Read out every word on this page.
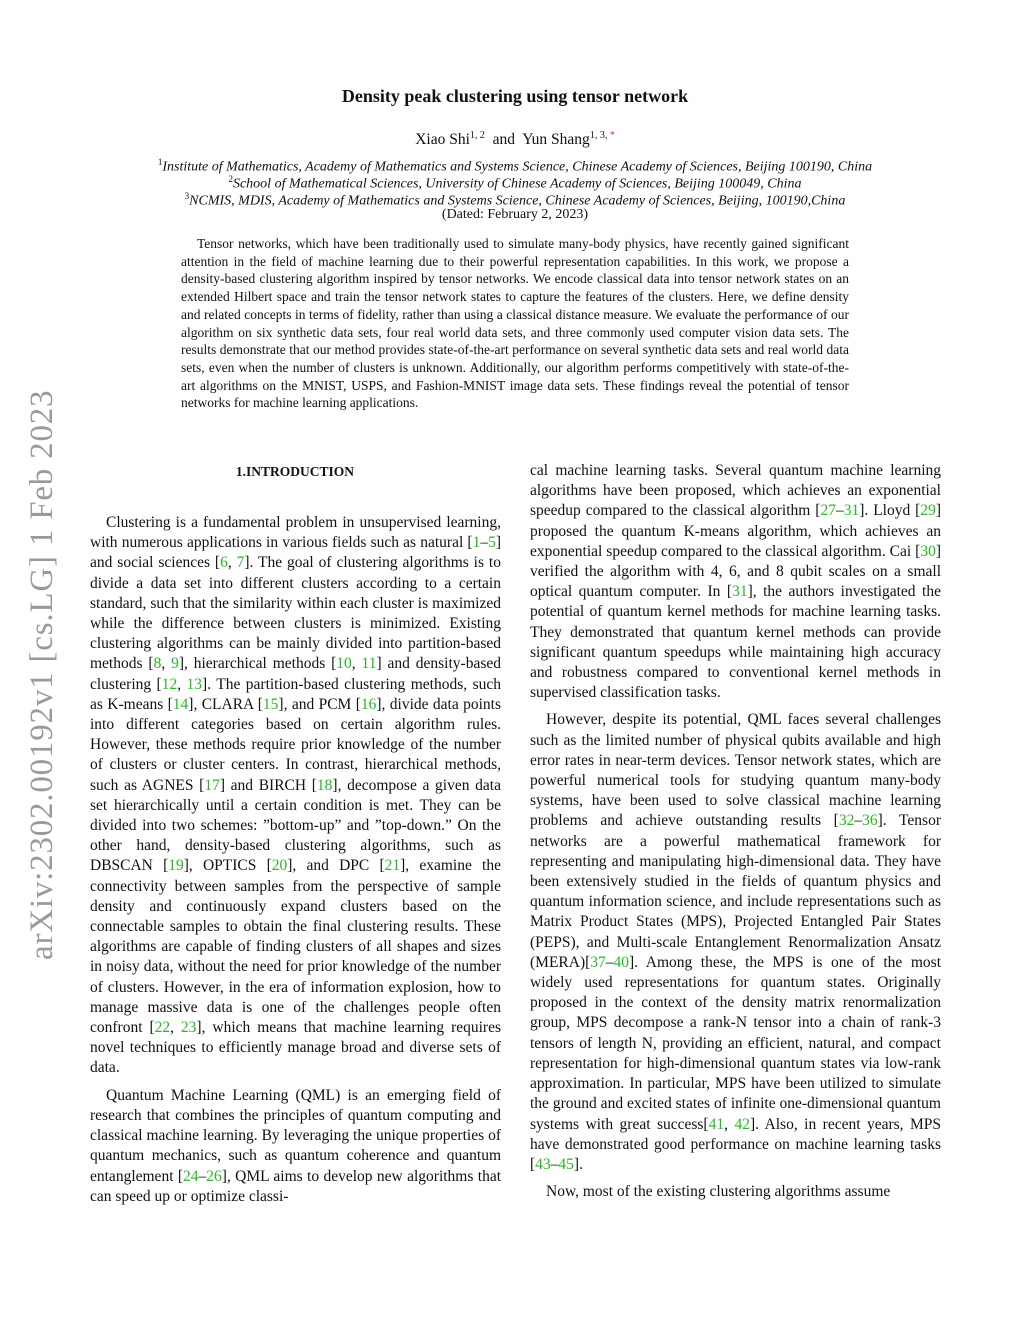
arXiv:2302.00192v1 [cs.LG] 1 Feb 2023
Density peak clustering using tensor network
Xiao Shi$^{1, 2}$ and Yun Shang$^{1, 3, *}$
$^1$Institute of Mathematics, Academy of Mathematics and Systems Science, Chinese Academy of Sciences, Beijing 100190, China
$^2$School of Mathematical Sciences, University of Chinese Academy of Sciences, Beijing 100049, China
$^3$NCMIS, MDIS, Academy of Mathematics and Systems Science, Chinese Academy of Sciences, Beijing, 100190,China
(Dated: February 2, 2023)
Tensor networks, which have been traditionally used to simulate many-body physics, have recently gained significant attention in the field of machine learning due to their powerful representation capabilities. In this work, we propose a density-based clustering algorithm inspired by tensor networks. We encode classical data into tensor network states on an extended Hilbert space and train the tensor network states to capture the features of the clusters. Here, we define density and related concepts in terms of fidelity, rather than using a classical distance measure. We evaluate the performance of our algorithm on six synthetic data sets, four real world data sets, and three commonly used computer vision data sets. The results demonstrate that our method provides state-of-the-art performance on several synthetic data sets and real world data sets, even when the number of clusters is unknown. Additionally, our algorithm performs competitively with state-of-the-art algorithms on the MNIST, USPS, and Fashion-MNIST image data sets. These findings reveal the potential of tensor networks for machine learning applications.
1.INTRODUCTION

Clustering is a fundamental problem in unsupervised learning, with numerous applications in various fields such as natural [1–5] and social sciences [6, 7]. The goal of clustering algorithms is to divide a data set into different clusters according to a certain standard, such that the similarity within each cluster is maximized while the difference between clusters is minimized. Existing clustering algorithms can be mainly divided into partition-based methods [8, 9], hierarchical methods [10, 11] and density-based clustering [12, 13]. The partition-based clustering methods, such as K-means [14], CLARA [15], and PCM [16], divide data points into different categories based on certain algorithm rules. However, these methods require prior knowledge of the number of clusters or cluster centers. In contrast, hierarchical methods, such as AGNES [17] and BIRCH [18], decompose a given data set hierarchically until a certain condition is met. They can be divided into two schemes: ”bottom-up” and ”top-down.” On the other hand, density-based clustering algorithms, such as DBSCAN [19], OPTICS [20], and DPC [21], examine the connectivity between samples from the perspective of sample density and continuously expand clusters based on the connectable samples to obtain the final clustering results. These algorithms are capable of finding clusters of all shapes and sizes in noisy data, without the need for prior knowledge of the number of clusters. However, in the era of information explosion, how to manage massive data is one of the challenges people often confront [22, 23], which means that machine learning requires novel techniques to efficiently manage broad and diverse sets of data.

Quantum Machine Learning (QML) is an emerging field of research that combines the principles of quantum computing and classical machine learning. By leveraging the unique properties of quantum mechanics, such as quantum coherence and quantum entanglement [24–26], QML aims to develop new algorithms that can speed up or optimize classi-

cal machine learning tasks. Several quantum machine learning algorithms have been proposed, which achieves an exponential speedup compared to the classical algorithm [27–31]. Lloyd [29] proposed the quantum K-means algorithm, which achieves an exponential speedup compared to the classical algorithm. Cai [30] verified the algorithm with 4, 6, and 8 qubit scales on a small optical quantum computer. In [31], the authors investigated the potential of quantum kernel methods for machine learning tasks. They demonstrated that quantum kernel methods can provide significant quantum speedups while maintaining high accuracy and robustness compared to conventional kernel methods in supervised classification tasks.

However, despite its potential, QML faces several challenges such as the limited number of physical qubits available and high error rates in near-term devices. Tensor network states, which are powerful numerical tools for studying quantum many-body systems, have been used to solve classical machine learning problems and achieve outstanding results [32–36]. Tensor networks are a powerful mathematical framework for representing and manipulating high-dimensional data. They have been extensively studied in the fields of quantum physics and quantum information science, and include representations such as Matrix Product States (MPS), Projected Entangled Pair States (PEPS), and Multi-scale Entanglement Renormalization Ansatz (MERA)[37–40]. Among these, the MPS is one of the most widely used representations for quantum states. Originally proposed in the context of the density matrix renormalization group, MPS decompose a rank-N tensor into a chain of rank-3 tensors of length N, providing an efficient, natural, and compact representation for high-dimensional quantum states via low-rank approximation. In particular, MPS have been utilized to simulate the ground and excited states of infinite one-dimensional quantum systems with great success[41, 42]. Also, in recent years, MPS have demonstrated good performance on machine learning tasks [43–45].

Now, most of the existing clustering algorithms assume
